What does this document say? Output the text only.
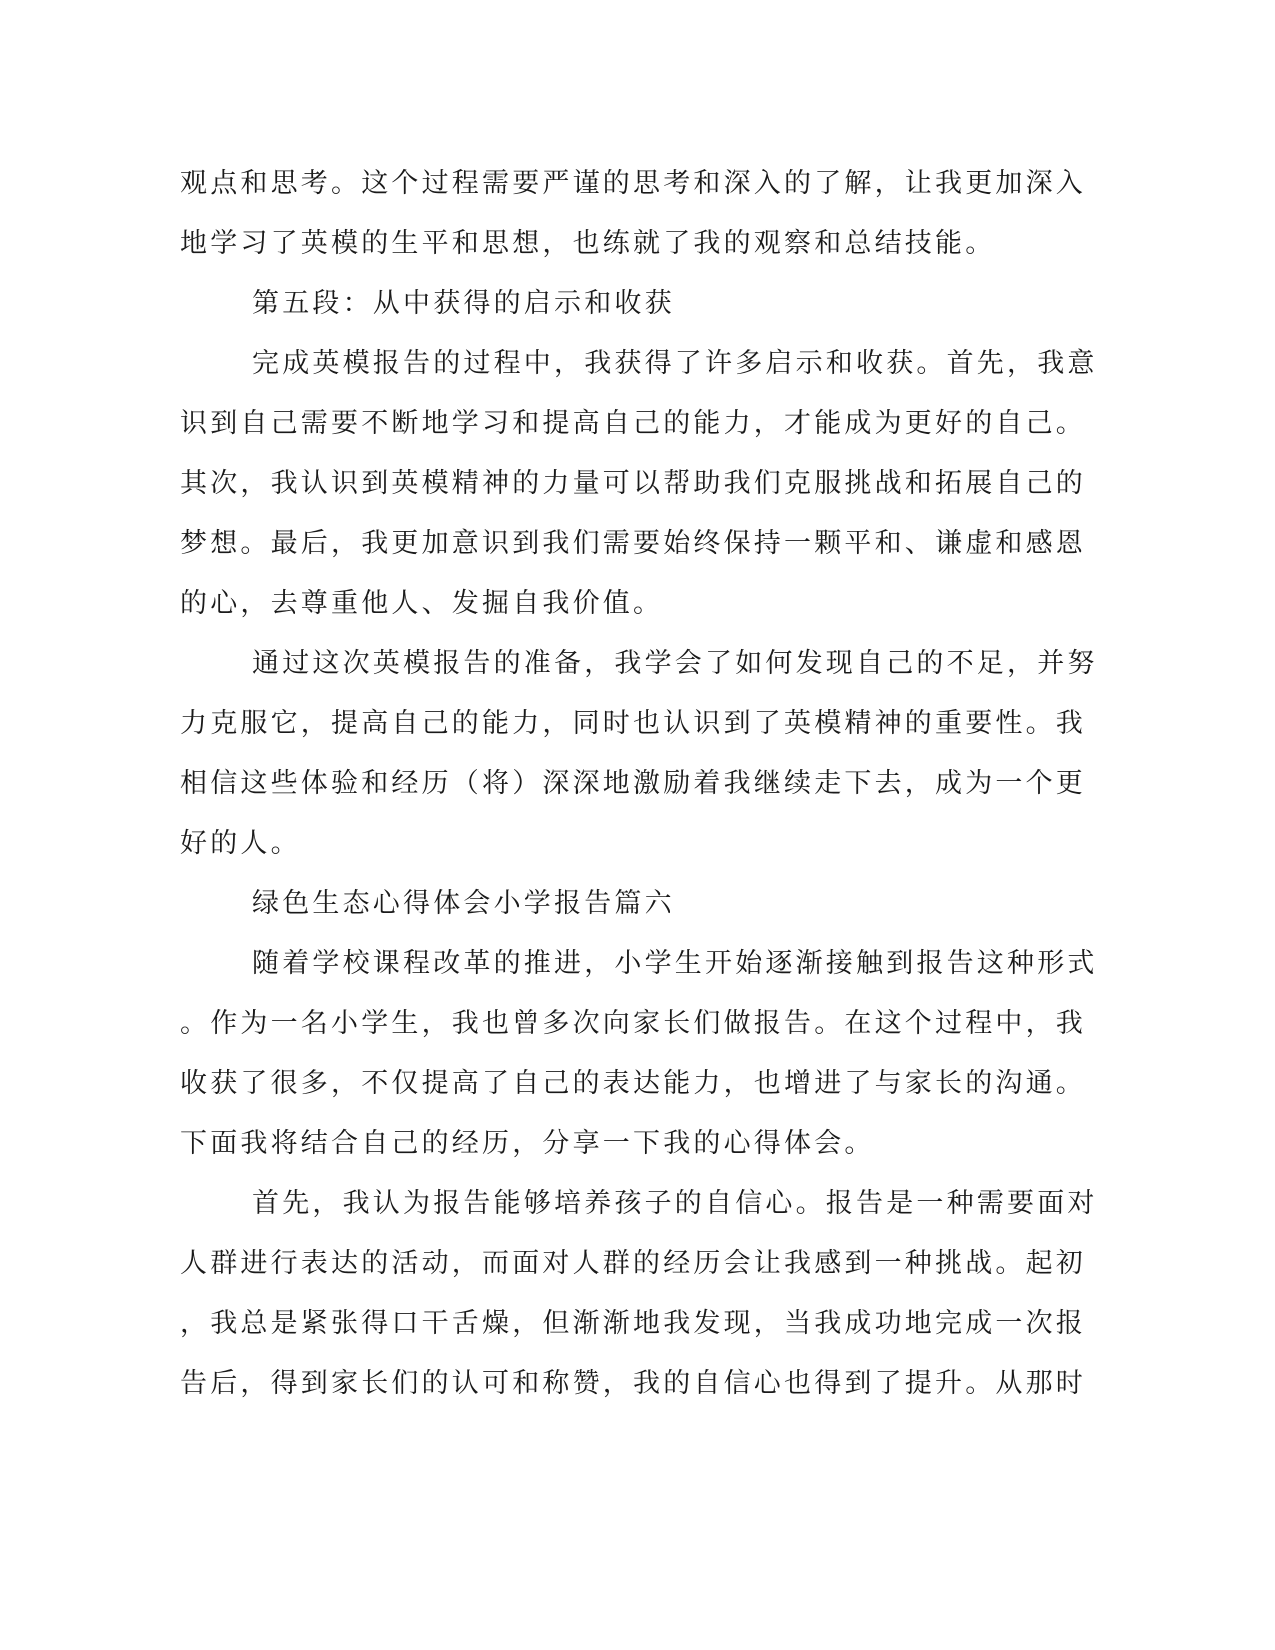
观点和思考。这个过程需要严谨的思考和深入的了解，让我更加深入
地学习了英模的生平和思想，也练就了我的观察和总结技能。
第五段：从中获得的启示和收获
完成英模报告的过程中，我获得了许多启示和收获。首先，我意
识到自己需要不断地学习和提高自己的能力，才能成为更好的自己。
其次，我认识到英模精神的力量可以帮助我们克服挑战和拓展自己的
梦想。最后，我更加意识到我们需要始终保持一颗平和、谦虚和感恩
的心，去尊重他人、发掘自我价值。
通过这次英模报告的准备，我学会了如何发现自己的不足，并努
力克服它，提高自己的能力，同时也认识到了英模精神的重要性。我
相信这些体验和经历（将）深深地激励着我继续走下去，成为一个更
好的人。
绿色生态心得体会小学报告篇六
随着学校课程改革的推进，小学生开始逐渐接触到报告这种形式
。作为一名小学生，我也曾多次向家长们做报告。在这个过程中，我
收获了很多，不仅提高了自己的表达能力，也增进了与家长的沟通。
下面我将结合自己的经历，分享一下我的心得体会。
首先，我认为报告能够培养孩子的自信心。报告是一种需要面对
人群进行表达的活动，而面对人群的经历会让我感到一种挑战。起初
，我总是紧张得口干舌燥，但渐渐地我发现，当我成功地完成一次报
告后，得到家长们的认可和称赞，我的自信心也得到了提升。从那时
